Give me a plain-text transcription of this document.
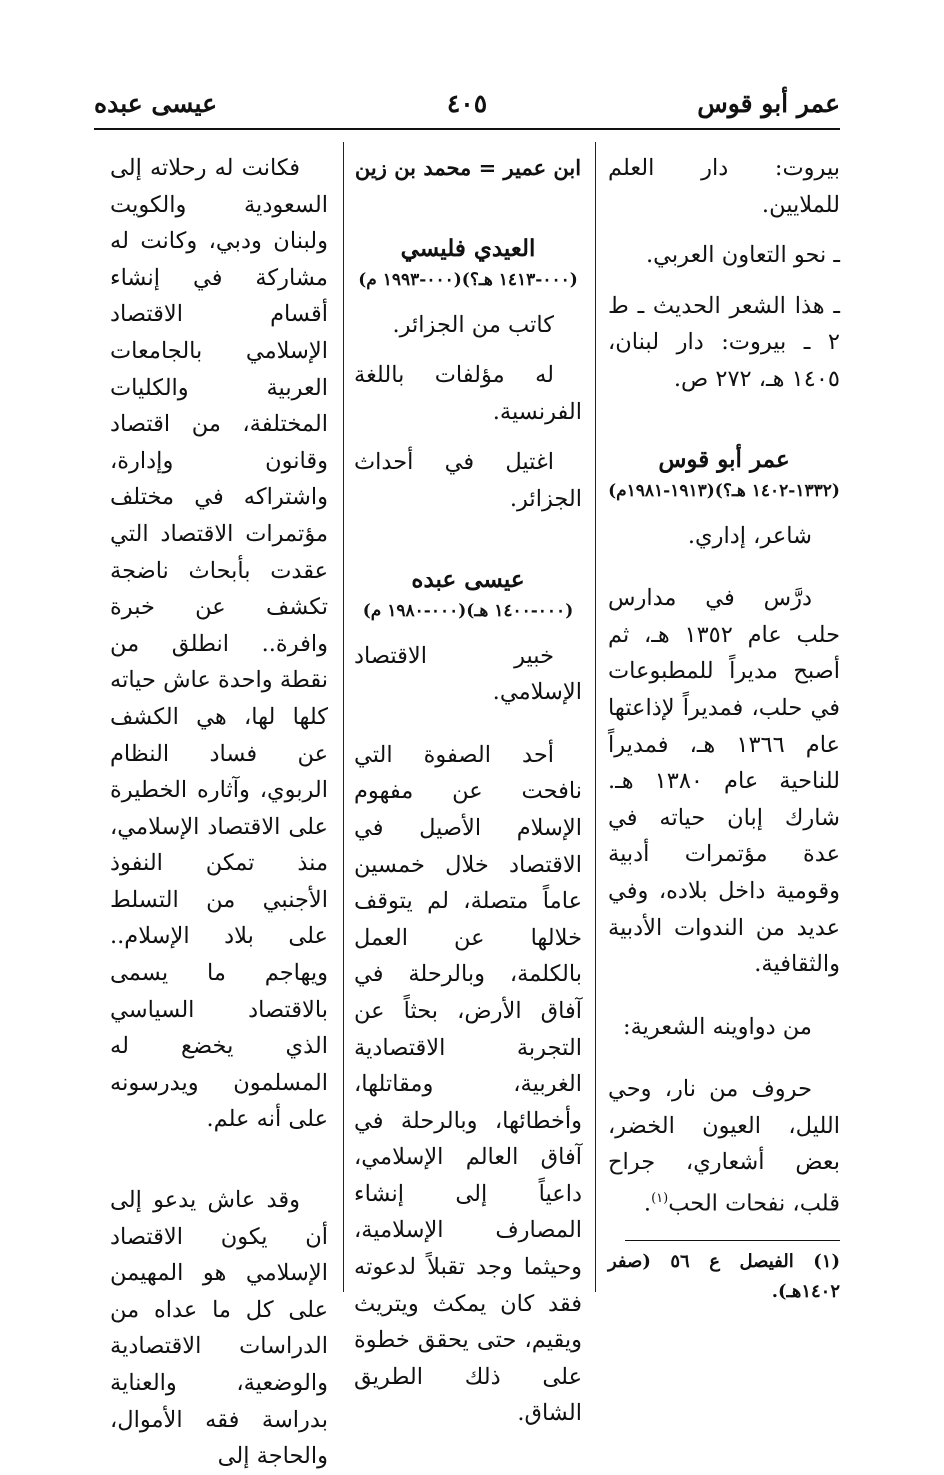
عمر أبو قوس
٤٠٥
عيسى عبده

بيروت: دار العلم للملايين.

ـ نحو التعاون العربي.

ـ هذا الشعر الحديث ـ ط ٢ ـ بيروت: دار لبنان، ١٤٠٥ هـ، ٢٧٢ ص.

عمر أبو قوس

(١٣٣٢-١٤٠٢ هـ؟)(١٩١٣-١٩٨١م)

شاعر، إداري.

درَّس في مدارس حلب عام ١٣٥٢ هـ، ثم أصبح مديراً للمطبوعات في حلب، فمديراً لإذاعتها عام ١٣٦٦ هـ، فمديراً للناحية عام ١٣٨٠ هـ. شارك إبان حياته في عدة مؤتمرات أدبية وقومية داخل بلاده، وفي عديد من الندوات الأدبية والثقافية.

من دواوينه الشعرية:

حروف من نار، وحي الليل، العيون الخضر، بعض أشعاري، جراح قلب، نفحات الحب$^{(١)}$.

(١) الفيصل ع ٥٦ (صفر ١٤٠٢هـ).

ابن عمير = محمد بن زين

العيدي فليسي

(٠٠٠-١٤١٣ هـ؟)(٠٠٠-١٩٩٣ م)

كاتب من الجزائر.

له مؤلفات باللغة الفرنسية.

اغتيل في أحداث الجزائر.

عيسى عبده

(٠٠٠-١٤٠٠ هـ)(٠٠٠-١٩٨٠ م)

خبير الاقتصاد الإسلامي.

أحد الصفوة التي نافحت عن مفهوم الإسلام الأصيل في الاقتصاد خلال خمسين عاماً متصلة، لم يتوقف خلالها عن العمل بالكلمة، وبالرحلة في آفاق الأرض، بحثاً عن التجربة الاقتصادية الغربية، ومقاتلها، وأخطائها، وبالرحلة في آفاق العالم الإسلامي، داعياً إلى إنشاء المصارف الإسلامية، وحيثما وجد تقبلاً لدعوته فقد كان يمكث ويتريث ويقيم، حتى يحقق خطوة على ذلك الطريق الشاق.

فكانت له رحلاته إلى السعودية والكويت ولبنان ودبي، وكانت له مشاركة في إنشاء أقسام الاقتصاد الإسلامي بالجامعات العربية والكليات المختلفة، من اقتصاد وقانون وإدارة، واشتراكه في مختلف مؤتمرات الاقتصاد التي عقدت بأبحاث ناضجة تكشف عن خبرة وافرة.. انطلق من نقطة واحدة عاش حياته كلها لها، هي الكشف عن فساد النظام الربوي، وآثاره الخطيرة على الاقتصاد الإسلامي، منذ تمكن النفوذ الأجنبي من التسلط على بلاد الإسلام.. ويهاجم ما يسمى بالاقتصاد السياسي الذي يخضع له المسلمون ويدرسونه على أنه علم.

وقد عاش يدعو إلى أن يكون الاقتصاد الإسلامي هو المهيمن على كل ما عداه من الدراسات الاقتصادية والوضعية، والعناية بدراسة فقه الأموال، والحاجة إلى
